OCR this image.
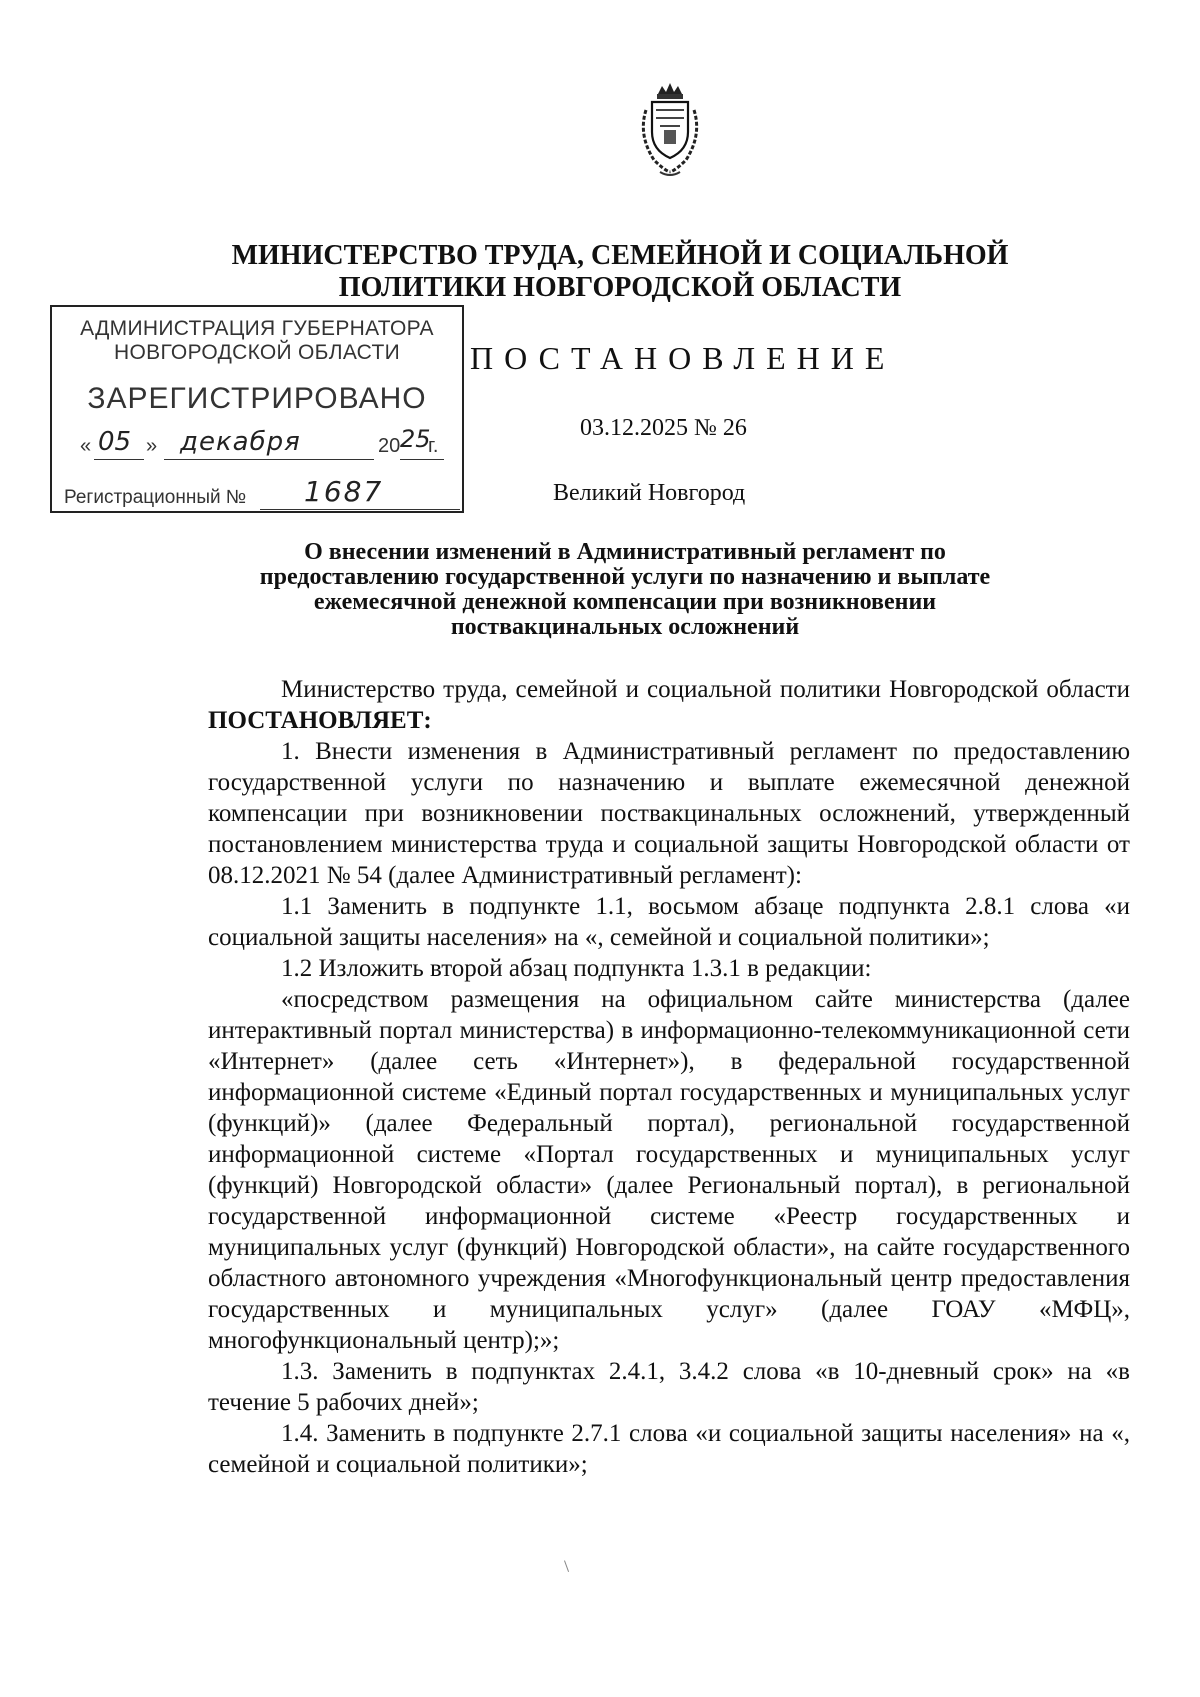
МИНИСТЕРСТВО ТРУДА, СЕМЕЙНОЙ И СОЦИАЛЬНОЙ
ПОЛИТИКИ НОВГОРОДСКОЙ ОБЛАСТИ
АДМИНИСТРАЦИЯ ГУБЕРНАТОРА
НОВГОРОДСКОЙ ОБЛАСТИ
ЗАРЕГИСТРИРОВАНО
« 05 » декабря	20 25
г.
Регистрационный № 1687
ПОСТАНОВЛЕНИЕ
03.12.2025 № 26
Великий Новгород
О внесении изменений в Административный регламент по
предоставлению государственной услуги по назначению и выплате
ежемесячной денежной компенсации при возникновении
поствакцинальных осложнений

Министерство труда, семейной и социальной политики Новгородской области ПОСТАНОВЛЯЕТ:

1. Внести изменения в Административный регламент по предоставлению государственной услуги по назначению и выплате ежемесячной денежной компенсации при возникновении поствакцинальных осложнений, утвержденный постановлением министерства труда и социальной защиты Новгородской области от 08.12.2021 № 54 (далее Административный регламент):

1.1 Заменить в подпункте 1.1, восьмом абзаце подпункта 2.8.1 слова «и социальной защиты населения» на «, семейной и социальной политики»;

1.2 Изложить второй абзац подпункта 1.3.1 в редакции:

«посредством размещения на официальном сайте министерства (далее интерактивный портал министерства) в информационно-телекоммуникационной сети «Интернет» (далее сеть «Интернет»), в федеральной государственной информационной системе «Единый портал государственных и муниципальных услуг (функций)» (далее Федеральный портал), региональной государственной информационной системе «Портал государственных и муниципальных услуг (функций) Новгородской области» (далее Региональный портал), в региональной государственной информационной системе «Реестр государственных и муниципальных услуг (функций) Новгородской области», на сайте государственного областного автономного учреждения «Многофункциональный центр предоставления государственных и муниципальных услуг» (далее ГОАУ «МФЦ», многофункциональный центр);»;

1.3. Заменить в подпунктах 2.4.1, 3.4.2 слова «в 10-дневный срок» на «в течение 5 рабочих дней»;

1.4. Заменить в подпункте 2.7.1 слова «и социальной защиты населения» на «, семейной и социальной политики»;
